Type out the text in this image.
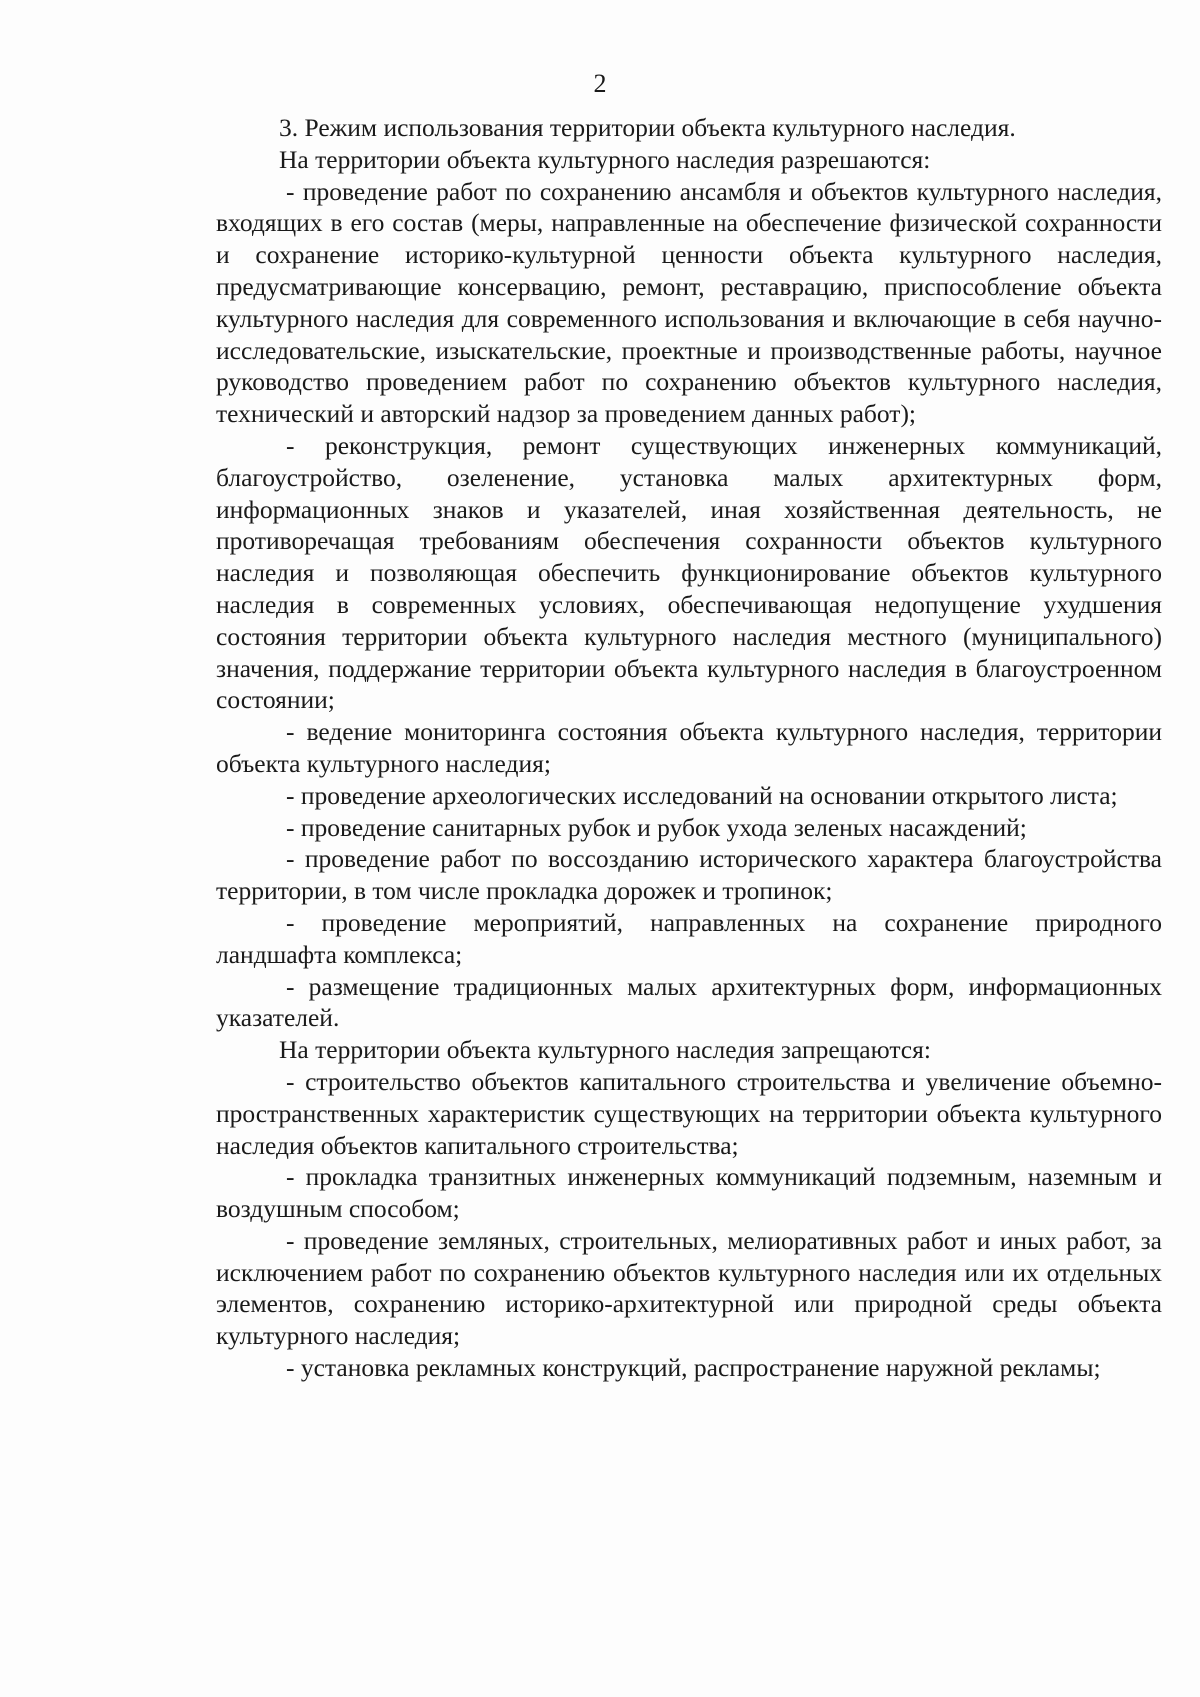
2

3. Режим использования территории объекта культурного наследия.

На территории объекта культурного наследия разрешаются:

- проведение работ по сохранению ансамбля и объектов культурного наследия, входящих в его состав (меры, направленные на обеспечение физической сохранности и сохранение историко-культурной ценности объекта культурного наследия, предусматривающие консервацию, ремонт, реставрацию, приспособление объекта культурного наследия для современного использования и включающие в себя научно-исследовательские, изыскательские, проектные и производственные работы, научное руководство проведением работ по сохранению объектов культурного наследия, технический и авторский надзор за проведением данных работ);

- реконструкция, ремонт существующих инженерных коммуникаций, благоустройство, озеленение, установка малых архитектурных форм, информационных знаков и указателей, иная хозяйственная деятельность, не противоречащая требованиям обеспечения сохранности объектов культурного наследия и позволяющая обеспечить функционирование объектов культурного наследия в современных условиях, обеспечивающая недопущение ухудшения состояния территории объекта культурного наследия местного (муниципального) значения, поддержание территории объекта культурного наследия в благоустроенном состоянии;

- ведение мониторинга состояния объекта культурного наследия, территории объекта культурного наследия;

- проведение археологических исследований на основании открытого листа;

- проведение санитарных рубок и рубок ухода зеленых насаждений;

- проведение работ по воссозданию исторического характера благоустройства территории, в том числе прокладка дорожек и тропинок;

- проведение мероприятий, направленных на сохранение природного ландшафта комплекса;

- размещение традиционных малых архитектурных форм, информационных указателей.

На территории объекта культурного наследия запрещаются:

- строительство объектов капитального строительства и увеличение объемно-пространственных характеристик существующих на территории объекта культурного наследия объектов капитального строительства;

- прокладка транзитных инженерных коммуникаций подземным, наземным и воздушным способом;

- проведение земляных, строительных, мелиоративных работ и иных работ, за исключением работ по сохранению объектов культурного наследия или их отдельных элементов, сохранению историко-архитектурной или природной среды объекта культурного наследия;

- установка рекламных конструкций, распространение наружной рекламы;
